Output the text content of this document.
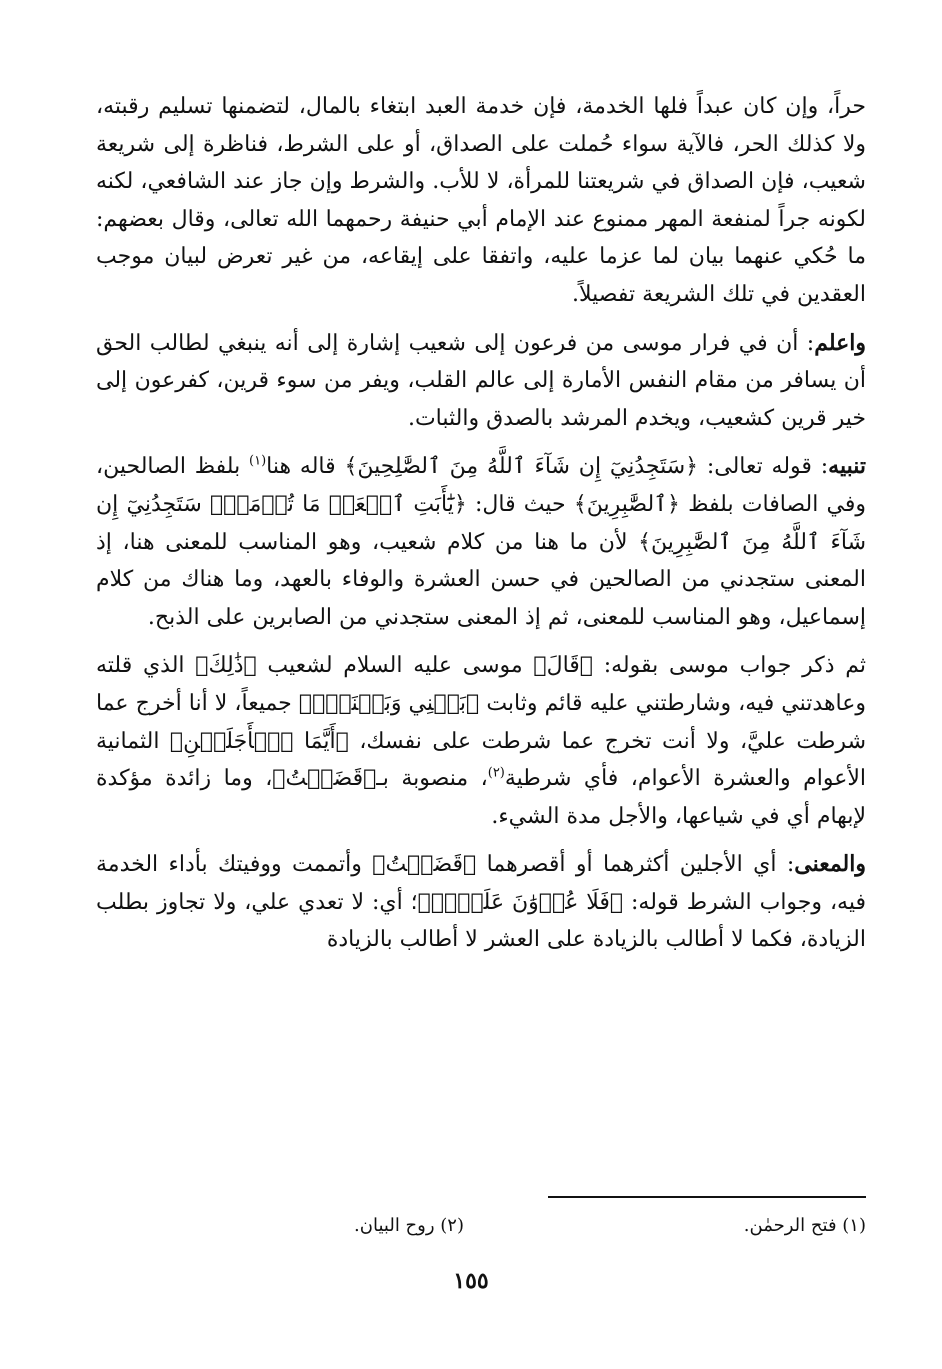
حراً، وإن كان عبداً فلها الخدمة، فإن خدمة العبد ابتغاء بالمال، لتضمنها تسليم رقبته، ولا كذلك الحر، فالآية سواء حُملت على الصداق، أو على الشرط، فناظرة إلى شريعة شعيب، فإن الصداق في شريعتنا للمرأة، لا للأب. والشرط وإن جاز عند الشافعي، لكنه لكونه جراً لمنفعة المهر ممنوع عند الإمام أبي حنيفة رحمهما الله تعالى، وقال بعضهم: ما حُكي عنهما بيان لما عزما عليه، واتفقا على إيقاعه، من غير تعرض لبيان موجب العقدين في تلك الشريعة تفصيلاً.

واعلم: أن في فرار موسى من فرعون إلى شعيب إشارة إلى أنه ينبغي لطالب الحق أن يسافر من مقام النفس الأمارة إلى عالم القلب، ويفر من سوء قرين، كفرعون إلى خير قرين كشعيب، ويخدم المرشد بالصدق والثبات.

تنبيه: قوله تعالى: ﴿سَتَجِدُنِيٓ إِن شَآءَ ٱللَّهُ مِنَ ٱلصَّٰلِحِينَ﴾ قاله هنا$^{(١)}$ بلفظ الصالحين، وفي الصافات بلفظ ﴿ٱلصَّٰبِرِينَ﴾ حيث قال: ﴿يَٰٓأَبَتِ ٱفۡعَلۡ مَا تُؤۡمَرُۖ سَتَجِدُنِيٓ إِن شَآءَ ٱللَّهُ مِنَ ٱلصَّٰبِرِينَ﴾ لأن ما هنا من كلام شعيب، وهو المناسب للمعنى هنا، إذ المعنى ستجدني من الصالحين في حسن العشرة والوفاء بالعهد، وما هناك من كلام إسماعيل، وهو المناسب للمعنى، ثم إذ المعنى ستجدني من الصابرين على الذبح.

ثم ذكر جواب موسى بقوله: ﴿قَالَ﴾ موسى عليه السلام لشعيب ﴿ذَٰلِكَ﴾ الذي قلته وعاهدتني فيه، وشارطتني عليه قائم وثابت ﴿بَيۡنِي وَبَيۡنَكَۖ﴾ جميعاً، لا أنا أخرج عما شرطت عليَّ، ولا أنت تخرج عما شرطت على نفسك، ﴿أَيَّمَا ٱلۡأَجَلَيۡنِ﴾ الثمانية الأعوام والعشرة الأعوام، فأي شرطية$^{(٢)}$، منصوبة بـ﴿قَضَيۡتُ﴾، وما زائدة مؤكدة لإبهام أي في شياعها، والأجل مدة الشيء.

والمعنى: أي الأجلين أكثرهما أو أقصرهما ﴿قَضَيۡتُ﴾ وأتممت ووفيتك بأداء الخدمة فيه، وجواب الشرط قوله: ﴿فَلَا عُدۡوَٰنَ عَلَيَّۖ﴾؛ أي: لا تعدي علي، ولا تجاوز بطلب الزيادة، فكما لا أطالب بالزيادة على العشر لا أطالب بالزيادة

(١) فتح الرحمٰن.
(٢) روح البيان.
١٥٥
